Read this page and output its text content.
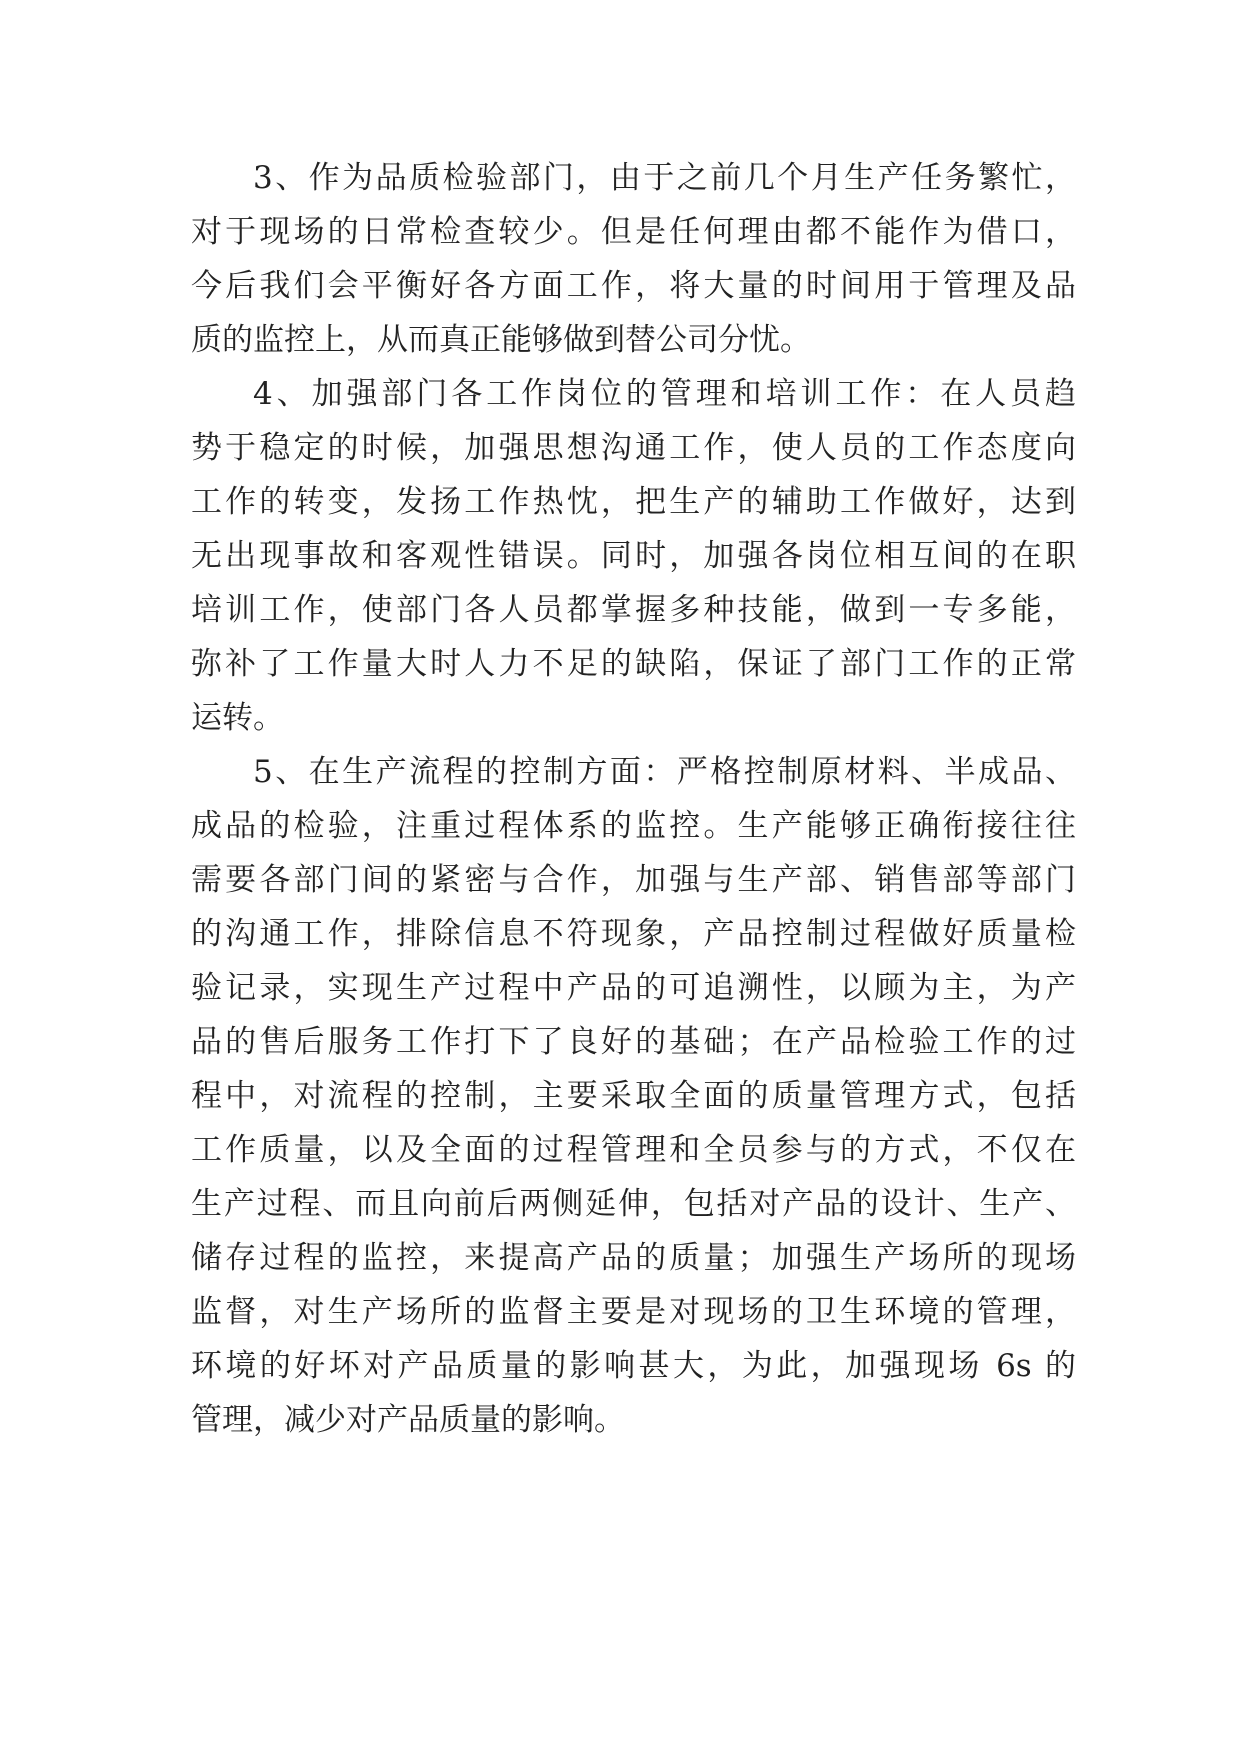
3、作为品质检验部门，由于之前几个月生产任务繁忙，
对于现场的日常检查较少。但是任何理由都不能作为借口，
今后我们会平衡好各方面工作，将大量的时间用于管理及品
质的监控上，从而真正能够做到替公司分忧。
4、加强部门各工作岗位的管理和培训工作：在人员趋
势于稳定的时候，加强思想沟通工作，使人员的工作态度向
工作的转变，发扬工作热忱，把生产的辅助工作做好，达到
无出现事故和客观性错误。同时，加强各岗位相互间的在职
培训工作，使部门各人员都掌握多种技能，做到一专多能，
弥补了工作量大时人力不足的缺陷，保证了部门工作的正常
运转。
5、在生产流程的控制方面：严格控制原材料、半成品、
成品的检验，注重过程体系的监控。生产能够正确衔接往往
需要各部门间的紧密与合作，加强与生产部、销售部等部门
的沟通工作，排除信息不符现象，产品控制过程做好质量检
验记录，实现生产过程中产品的可追溯性，以顾为主，为产
品的售后服务工作打下了良好的基础；在产品检验工作的过
程中，对流程的控制，主要采取全面的质量管理方式，包括
工作质量，以及全面的过程管理和全员参与的方式，不仅在
生产过程、而且向前后两侧延伸，包括对产品的设计、生产、
储存过程的监控，来提高产品的质量；加强生产场所的现场
监督，对生产场所的监督主要是对现场的卫生环境的管理，
环境的好坏对产品质量的影响甚大，为此，加强现场 6s 的
管理，减少对产品质量的影响。
